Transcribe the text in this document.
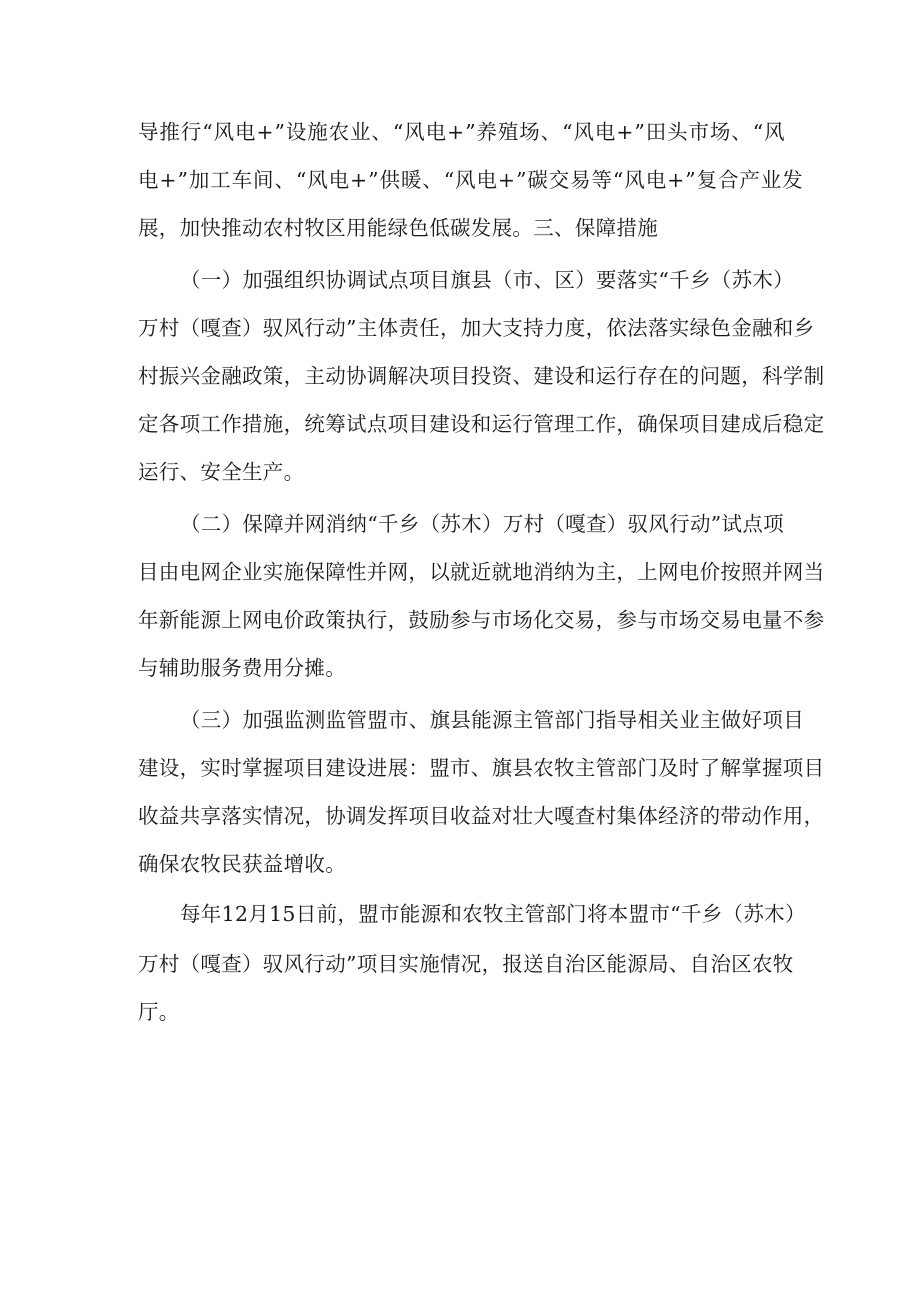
导推行“风电+”设施农业、“风电+”养殖场、“风电+”田头市场、“风
电+”加工车间、“风电+”供暖、“风电+”碳交易等“风电+”复合产业发
展，加快推动农村牧区用能绿色低碳发展。三、保障措施
（一）加强组织协调试点项目旗县（市、区）要落实“千乡（苏木）
万村（嘎查）驭风行动”主体责任，加大支持力度，依法落实绿色金融和乡
村振兴金融政策，主动协调解决项目投资、建设和运行存在的问题，科学制
定各项工作措施，统筹试点项目建设和运行管理工作，确保项目建成后稳定
运行、安全生产。
（二）保障并网消纳“千乡（苏木）万村（嘎查）驭风行动”试点项
目由电网企业实施保障性并网，以就近就地消纳为主，上网电价按照并网当
年新能源上网电价政策执行，鼓励参与市场化交易，参与市场交易电量不参
与辅助服务费用分摊。
（三）加强监测监管盟市、旗县能源主管部门指导相关业主做好项目
建设，实时掌握项目建设进展：盟市、旗县农牧主管部门及时了解掌握项目
收益共享落实情况，协调发挥项目收益对壮大嘎查村集体经济的带动作用，
确保农牧民获益增收。
每年12月15日前，盟市能源和农牧主管部门将本盟市“千乡（苏木）
万村（嘎查）驭风行动”项目实施情况，报送自治区能源局、自治区农牧
厅。
